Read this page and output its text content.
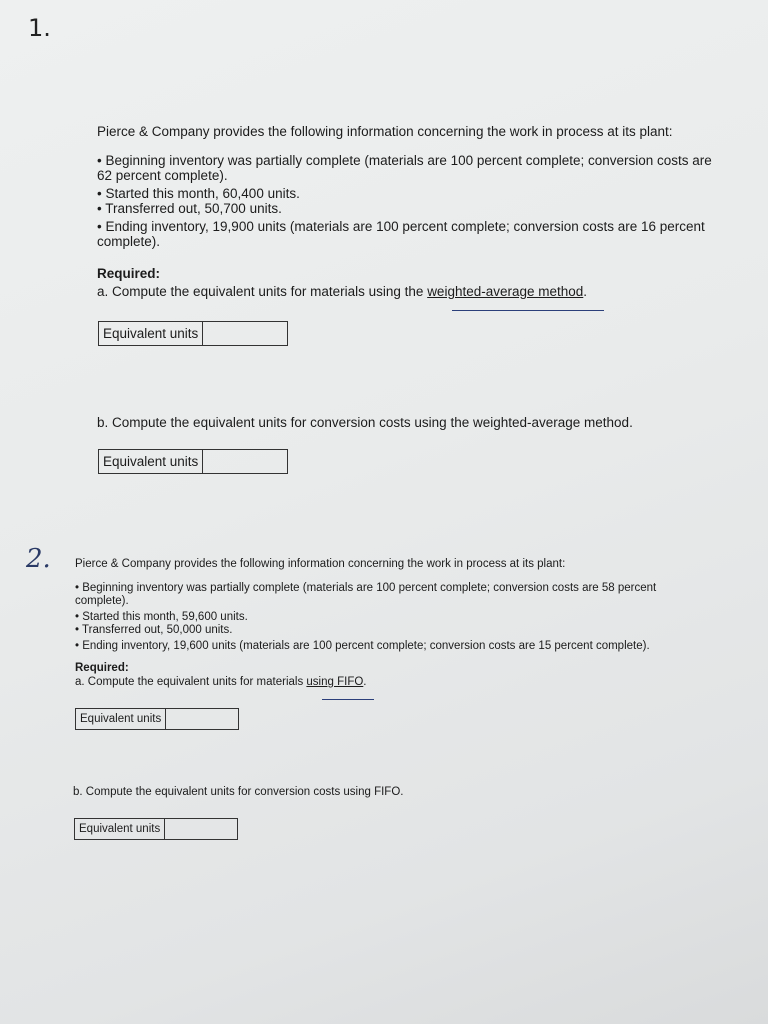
1.
Pierce & Company provides the following information concerning the work in process at its plant:
• Beginning inventory was partially complete (materials are 100 percent complete; conversion costs are
62 percent complete).
• Started this month, 60,400 units.
• Transferred out, 50,700 units.
• Ending inventory, 19,900 units (materials are 100 percent complete; conversion costs are 16 percent
complete).
Required:
a. Compute the equivalent units for materials using the weighted-average method.
Equivalent units
b. Compute the equivalent units for conversion costs using the weighted-average method.
Equivalent units
2. Pierce & Company provides the following information concerning the work in process at its plant:
• Beginning inventory was partially complete (materials are 100 percent complete; conversion costs are 58 percent
complete).
• Started this month, 59,600 units.
• Transferred out, 50,000 units.
• Ending inventory, 19,600 units (materials are 100 percent complete; conversion costs are 15 percent complete).
Required:
a. Compute the equivalent units for materials using FIFO.
Equivalent units
b. Compute the equivalent units for conversion costs using FIFO.
Equivalent units
